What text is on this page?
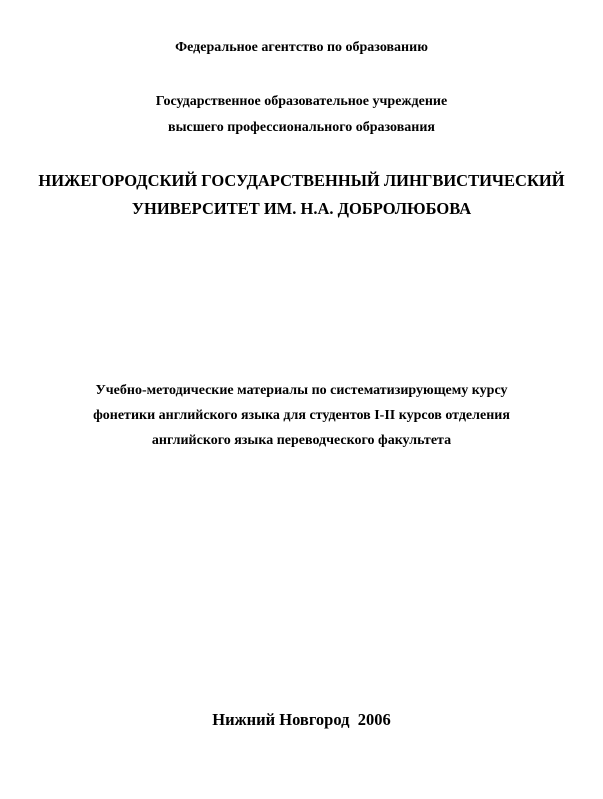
Федеральное агентство по образованию

Государственное образовательное учреждение

высшего профессионального образования

НИЖЕГОРОДСКИЙ ГОСУДАРСТВЕННЫЙ ЛИНГВИСТИЧЕСКИЙ

УНИВЕРСИТЕТ ИМ. Н.А. ДОБРОЛЮБОВА

Учебно-методические материалы по систематизирующему курсу

фонетики английского языка для студентов I-II курсов отделения

английского языка переводческого факультета

Нижний Новгород  2006
